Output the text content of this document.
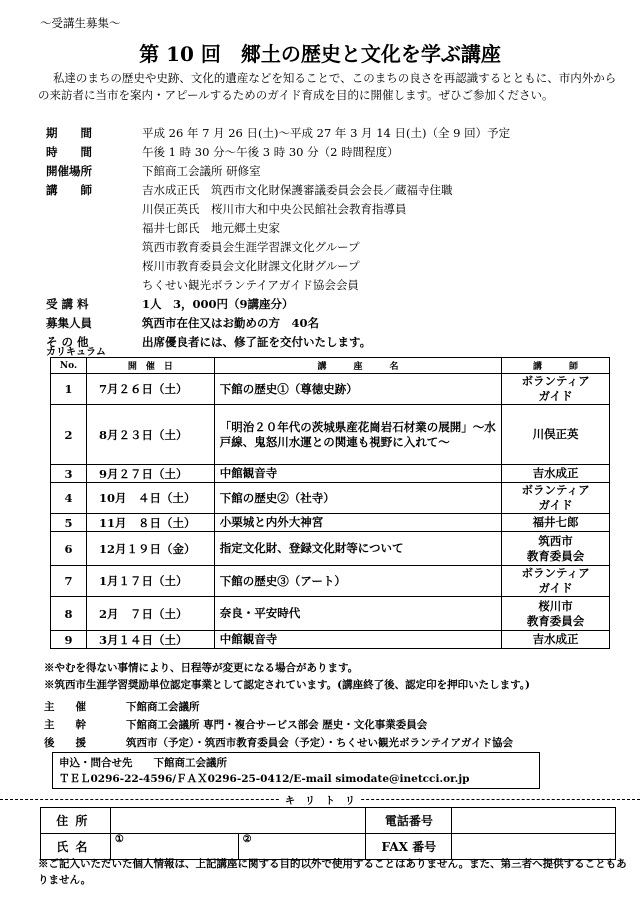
〜受講生募集〜
第 10 回　郷土の歴史と文化を学ぶ講座
私達のまちの歴史や史跡、文化的遺産などを知ることで、このまちの良さを再認識するとともに、市内外からの来訪者に当市を案内・アピールするためのガイド育成を目的に開催します。ぜひご参加ください。
期　　間	平成 26 年 7 月 26 日(土)〜平成 27 年 3 月 14 日(土)（全 9 回）予定
時　　間	午後 1 時 30 分〜午後 3 時 30 分（2 時間程度）
開催場所	下館商工会議所 研修室
講　　師	吉水成正氏　筑西市文化財保護審議委員会会長／蔵福寺住職
川俣正英氏　桜川市大和中央公民館社会教育指導員
福井七郎氏　地元郷土史家
筑西市教育委員会生涯学習課文化グループ
桜川市教育委員会文化財課文化財グループ
ちくせい観光ボランテイアガイド協会会員
受 講 料	1人　3，000円（9講座分）
募集人員	筑西市在住又はお勤めの方　40名
そ の 他	出席優良者には、修了証を交付いたします。
カリキュラム
No.	開　催　日	講　　　座　　　名	講　　　師
1	7月２６日（土）	下館の歴史①（尊徳史跡）	ボランティア
ガイド
2	8月２３日（土）	「明治２０年代の茨城県産花崗岩石材業の展開」〜水戸線、鬼怒川水運との関連も視野に入れて〜	川俣正英
3	9月２７日（土）	中館観音寺	吉水成正
4	10月　４日（土）	下館の歴史②（社寺）	ボランティア
ガイド
5	11月　８日（土）	小栗城と内外大神宮	福井七郎
6	12月１９日（金）	指定文化財、登録文化財等について	筑西市
教育委員会
7	1月１７日（土）	下館の歴史③（アート）	ボランティア
ガイド
8	2月　７日（土）	奈良・平安時代	桜川市
教育委員会
9	3月１４日（土）	中館観音寺	吉水成正
※やむを得ない事情により、日程等が変更になる場合があります。
※筑西市生涯学習奨励単位認定事業として認定されています。(講座終了後、認定印を押印いたします。)
主　　催	下館商工会議所
主　　幹	下館商工会議所 専門・複合サービス部会 歴史・文化事業委員会
後　　援	筑西市（予定）・筑西市教育委員会（予定）・ちくせい観光ボランテイアガイド協会
申込・問合せ先　　下館商工会議所
ＴＥＬ0296-22-4596/ＦＡＸ0296-25-0412/E-mail simodate@inetcci.or.jp
キ　リ　ト　リ
住所			電話番号	
氏名	①	②	FAX 番号	
※ご記入いただいた個人情報は、上記講座に関する目的以外で使用することはありません。また、第三者へ提供することもありません。
